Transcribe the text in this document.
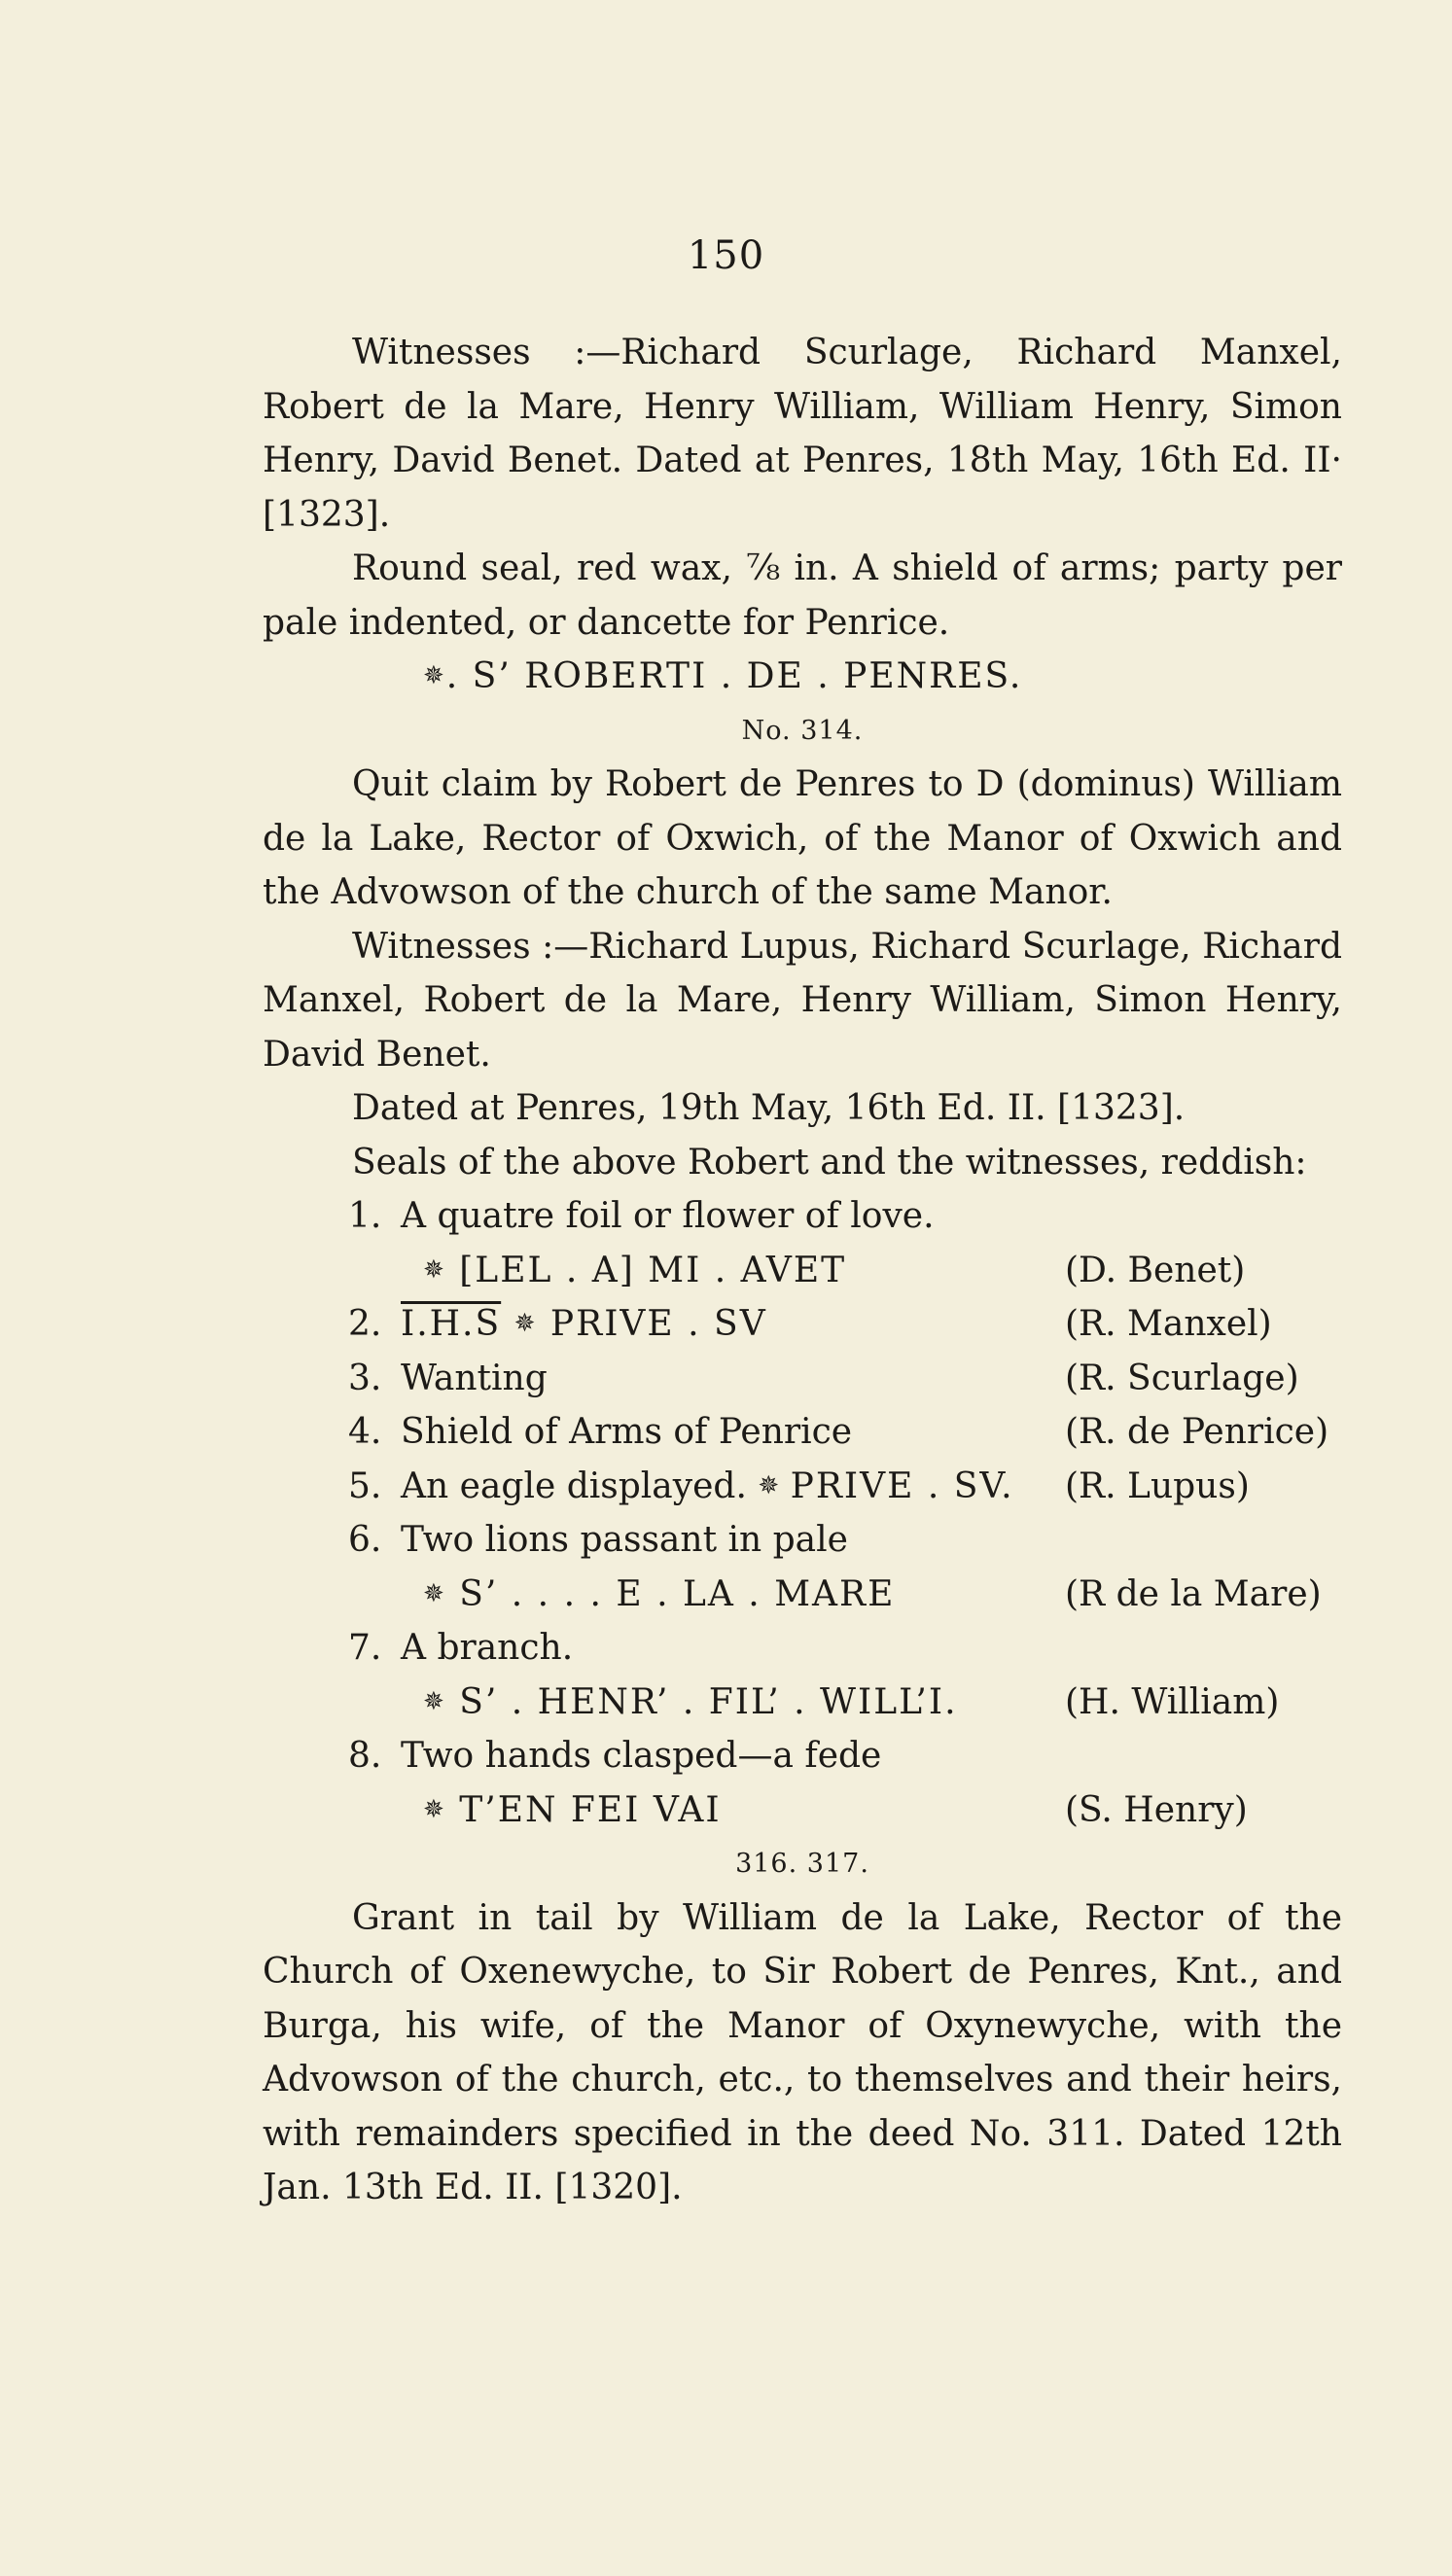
150

Witnesses :—Richard Scurlage, Richard Manxel, Robert de la Mare, Henry William, William Henry, Simon Henry, David Benet. Dated at Penres, 18th May, 16th Ed. II· [1323].

Round seal, red wax, ⅞ in. A shield of arms; party per pale indented, or dancette for Penrice.

✵. S’ ROBERTI . DE . PENRES.

No. 314.

Quit claim by Robert de Penres to D (dominus) William de la Lake, Rector of Oxwich, of the Manor of Oxwich and the Advowson of the church of the same Manor.

Witnesses :—Richard Lupus, Richard Scurlage, Richard Manxel, Robert de la Mare, Henry William, Simon Henry, David Benet.

Dated at Penres, 19th May, 16th Ed. II. [1323].

Seals of the above Robert and the witnesses, reddish:

1. A quatre foil or flower of love.
✵ [LEL . A] MI . AVET	(D. Benet)
2. I.H.S ✵ PRIVE . SV	(R. Manxel)
3. Wanting	(R. Scurlage)
4. Shield of Arms of Penrice	(R. de Penrice)
5. An eagle displayed. ✵ PRIVE . SV. (R. Lupus)
6. Two lions passant in pale
✵ S’ . . . . E . LA . MARE	(R de la Mare)
7. A branch.
✵ S’ . HENR’ . FIL’ . WILL’I.	(H. William)
8. Two hands clasped—a fede
✵ T’EN FEI VAI	(S. Henry)

316. 317.

Grant in tail by William de la Lake, Rector of the Church of Oxenewyche, to Sir Robert de Penres, Knt., and Burga, his wife, of the Manor of Oxynewyche, with the Advowson of the church, etc., to themselves and their heirs, with remainders specified in the deed No. 311. Dated 12th Jan. 13th Ed. II. [1320].
